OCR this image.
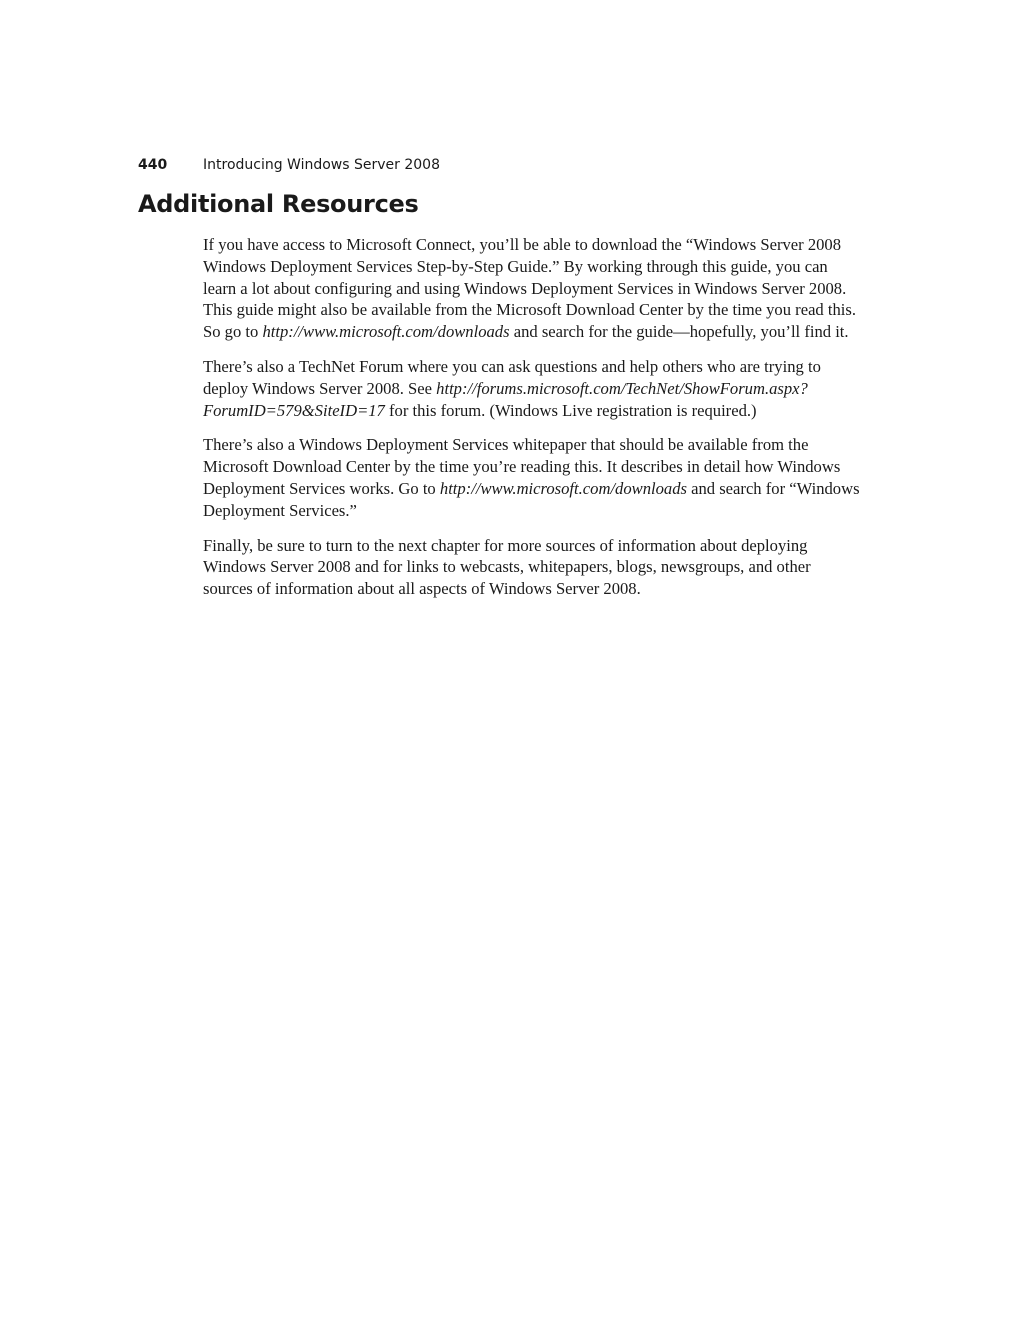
440	Introducing Windows Server 2008
Additional Resources

If you have access to Microsoft Connect, you’ll be able to download the “Windows Server 2008 Windows Deployment Services Step-by-Step Guide.” By working through this guide, you can learn a lot about configuring and using Windows Deployment Services in Windows Server 2008. This guide might also be available from the Microsoft Download Center by the time you read this. So go to http://www.microsoft.com/downloads and search for the guide—hopefully, you’ll find it.

There’s also a TechNet Forum where you can ask questions and help others who are trying to deploy Windows Server 2008. See http://forums.microsoft.com/TechNet/ShowForum.aspx?ForumID=579&SiteID=17 for this forum. (Windows Live registration is required.)

There’s also a Windows Deployment Services whitepaper that should be available from the Microsoft Download Center by the time you’re reading this. It describes in detail how Windows Deployment Services works. Go to http://www.microsoft.com/downloads and search for “Windows Deployment Services.”

Finally, be sure to turn to the next chapter for more sources of information about deploying Windows Server 2008 and for links to webcasts, whitepapers, blogs, newsgroups, and other sources of information about all aspects of Windows Server 2008.
